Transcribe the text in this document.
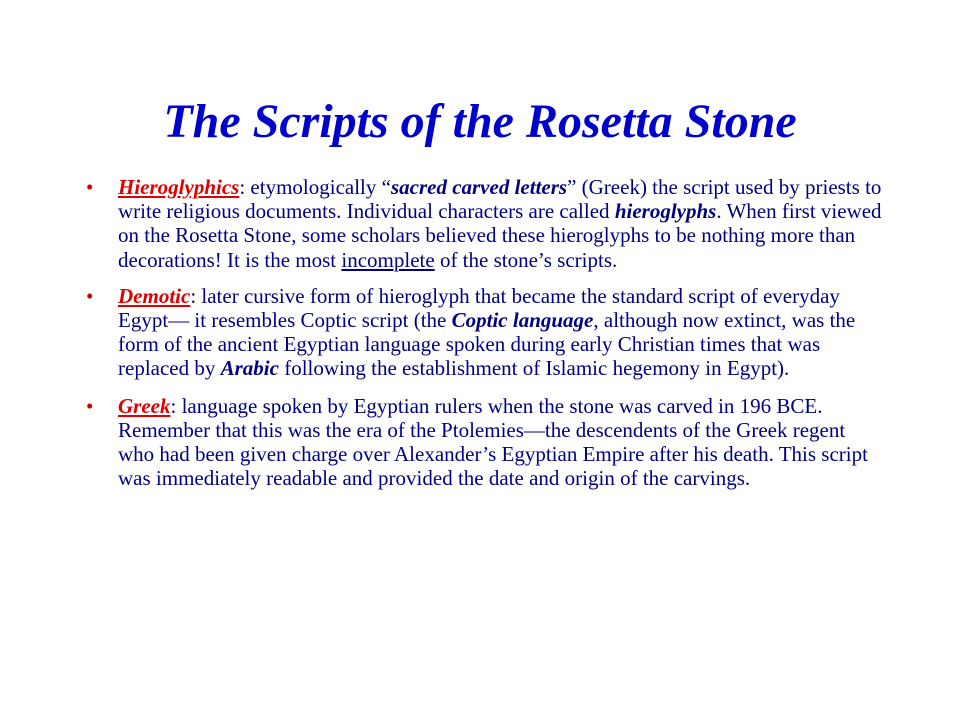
The Scripts of the Rosetta Stone
• Hieroglyphics: etymologically “sacred carved letters” (Greek) the script used by priests to write religious documents. Individual characters are called hieroglyphs. When first viewed on the Rosetta Stone, some scholars believed these hieroglyphs to be nothing more than decorations! It is the most incomplete of the stone’s scripts.
• Demotic: later cursive form of hieroglyph that became the standard script of everyday Egypt— it resembles Coptic script (the Coptic language, although now extinct, was the form of the ancient Egyptian language spoken during early Christian times that was replaced by Arabic following the establishment of Islamic hegemony in Egypt).
• Greek: language spoken by Egyptian rulers when the stone was carved in 196 BCE. Remember that this was the era of the Ptolemies—the descendents of the Greek regent who had been given charge over Alexander’s Egyptian Empire after his death. This script was immediately readable and provided the date and origin of the carvings.
